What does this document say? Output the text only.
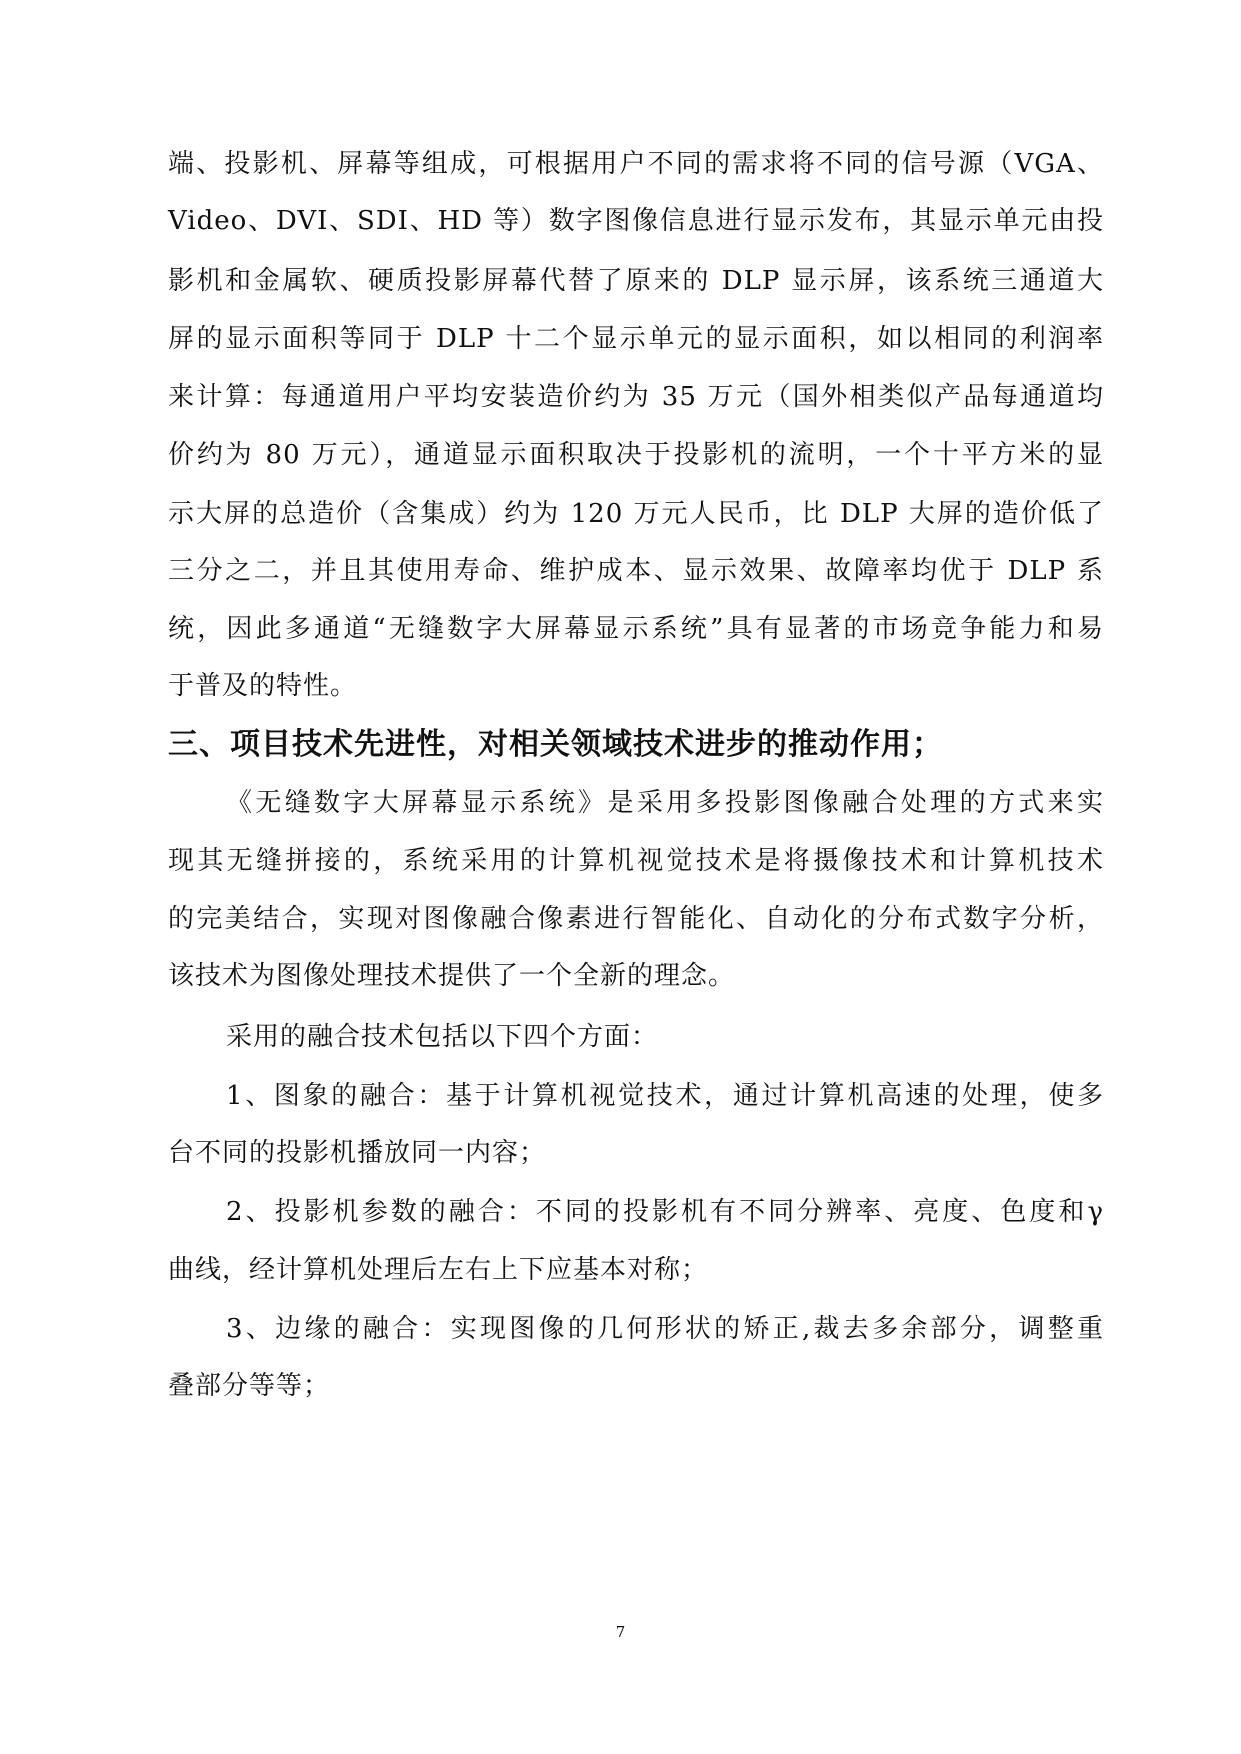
端、投影机、屏幕等组成，可根据用户不同的需求将不同的信号源（VGA、
Video、DVI、SDI、HD 等）数字图像信息进行显示发布，其显示单元由投
影机和金属软、硬质投影屏幕代替了原来的 DLP 显示屏，该系统三通道大
屏的显示面积等同于 DLP 十二个显示单元的显示面积，如以相同的利润率
来计算：每通道用户平均安装造价约为 35 万元（国外相类似产品每通道均
价约为 80 万元），通道显示面积取决于投影机的流明，一个十平方米的显
示大屏的总造价（含集成）约为 120 万元人民币，比 DLP 大屏的造价低了
三分之二，并且其使用寿命、维护成本、显示效果、故障率均优于 DLP 系
统，因此多通道“无缝数字大屏幕显示系统”具有显著的市场竞争能力和易
于普及的特性。
三、项目技术先进性，对相关领域技术进步的推动作用；
《无缝数字大屏幕显示系统》是采用多投影图像融合处理的方式来实
现其无缝拼接的，系统采用的计算机视觉技术是将摄像技术和计算机技术
的完美结合，实现对图像融合像素进行智能化、自动化的分布式数字分析，
该技术为图像处理技术提供了一个全新的理念。
采用的融合技术包括以下四个方面：
1、图象的融合：基于计算机视觉技术，通过计算机高速的处理，使多
台不同的投影机播放同一内容；
2、投影机参数的融合：不同的投影机有不同分辨率、亮度、色度和γ
曲线，经计算机处理后左右上下应基本对称；
3、边缘的融合：实现图像的几何形状的矫正,裁去多余部分，调整重
叠部分等等；
7
